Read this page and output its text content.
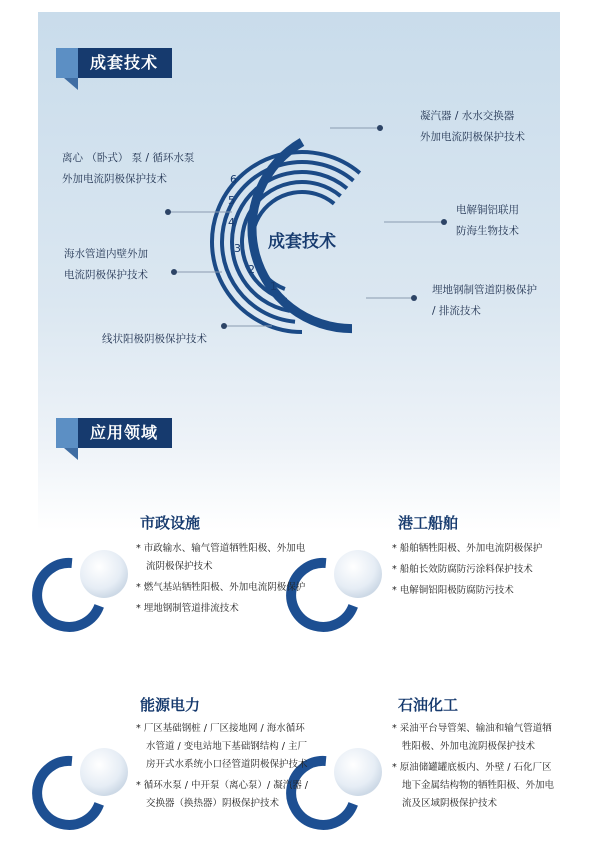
成套技术
成套技术
1
2
3
4
5
6
离心 （卧式） 泵 / 循环水泵
外加电流阴极保护技术
凝汽器 / 水水交换器
外加电流阴极保护技术
电解铜铝联用
防海生物技术
海水管道内壁外加
电流阴极保护技术
埋地钢制管道阴极保护
/ 排流技术
线状阳极阴极保护技术
应用领域
市政设施
* 市政输水、输气管道牺牲阳极、外加电
流阴极保护技术
* 燃气基站牺牲阳极、外加电流阴极保护
* 埋地钢制管道排流技术
港工船舶
* 船舶牺牲阳极、外加电流阴极保护
* 船舶长效防腐防污涂料保护技术
* 电解铜铝阳极防腐防污技术
能源电力
* 厂区基础钢桩 / 厂区接地网 / 海水循环
水管道 / 变电站地下基础钢结构 / 主厂
房开式水系统小口径管道阴极保护技术
* 循环水泵 / 中开泵（离心泵）/ 凝汽器 /
交换器（换热器）阴极保护技术
石油化工
* 采油平台导管架、输油和输气管道牺
牲阳极、外加电流阴极保护技术
* 原油储罐罐底板内、外壁 / 石化厂区
地下金属结构物的牺牲阳极、外加电
流及区域阴极保护技术
